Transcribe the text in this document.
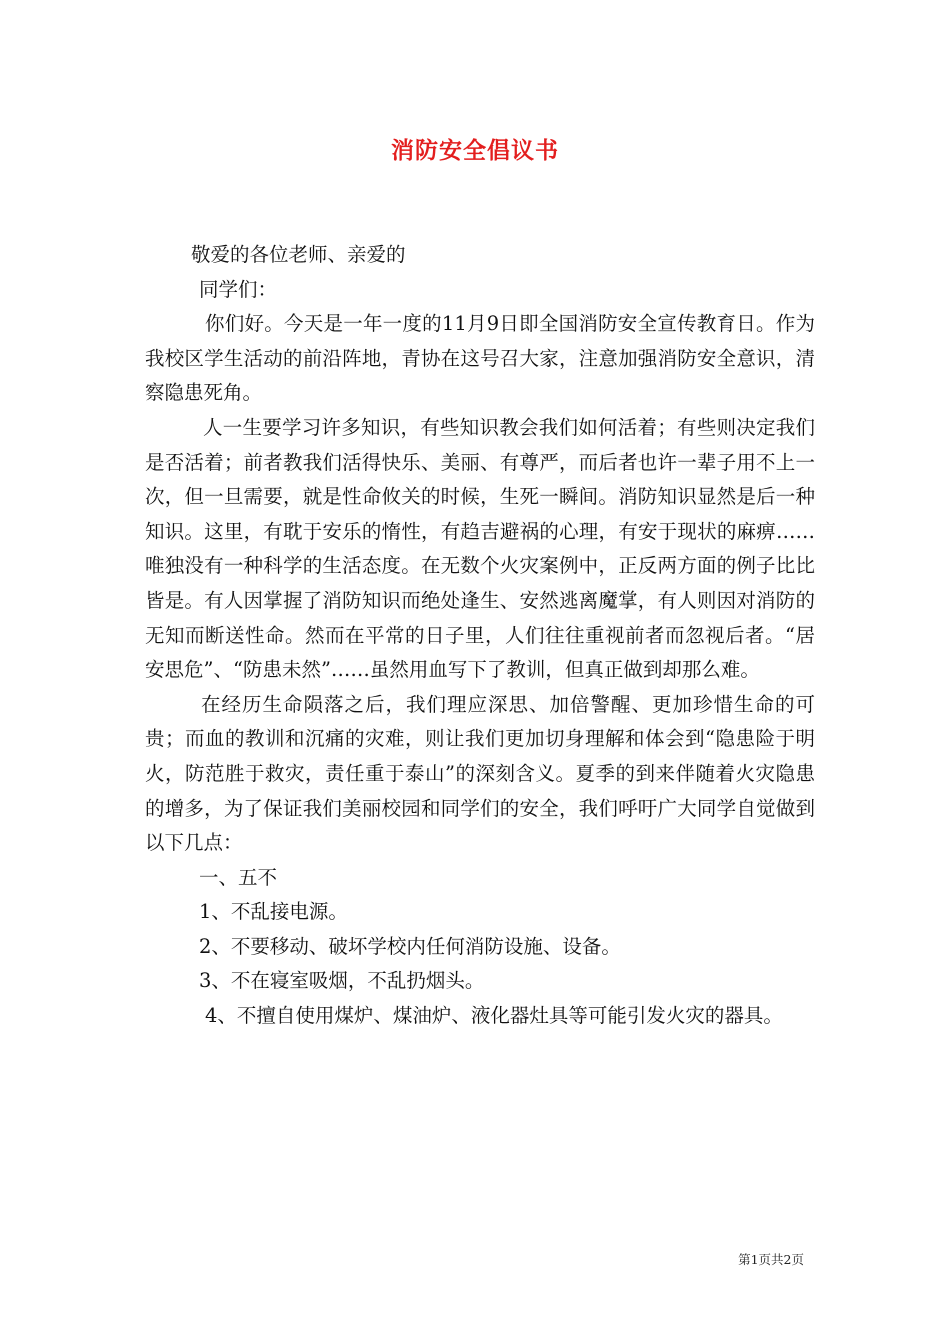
消防安全倡议书

敬爱的各位老师、亲爱的

同学们：

你们好。今天是一年一度的11月9日即全国消防安全宣传教育日。作为我校区学生活动的前沿阵地，青协在这号召大家，注意加强消防安全意识，清察隐患死角。

人一生要学习许多知识，有些知识教会我们如何活着；有些则决定我们是否活着；前者教我们活得快乐、美丽、有尊严，而后者也许一辈子用不上一次，但一旦需要，就是性命攸关的时候，生死一瞬间。消防知识显然是后一种知识。这里，有耽于安乐的惰性，有趋吉避祸的心理，有安于现状的麻痹……唯独没有一种科学的生活态度。在无数个火灾案例中，正反两方面的例子比比皆是。有人因掌握了消防知识而绝处逢生、安然逃离魔掌，有人则因对消防的无知而断送性命。然而在平常的日子里，人们往往重视前者而忽视后者。“居安思危”、“防患未然”……虽然用血写下了教训，但真正做到却那么难。

在经历生命陨落之后，我们理应深思、加倍警醒、更加珍惜生命的可贵；而血的教训和沉痛的灾难，则让我们更加切身理解和体会到“隐患险于明火，防范胜于救灾，责任重于泰山”的深刻含义。夏季的到来伴随着火灾隐患的增多，为了保证我们美丽校园和同学们的安全，我们呼吁广大同学自觉做到以下几点：

一、五不

1、不乱接电源。

2、不要移动、破坏学校内任何消防设施、设备。

3、不在寝室吸烟，不乱扔烟头。

4、不擅自使用煤炉、煤油炉、液化器灶具等可能引发火灾的器具。

第1页共2页
